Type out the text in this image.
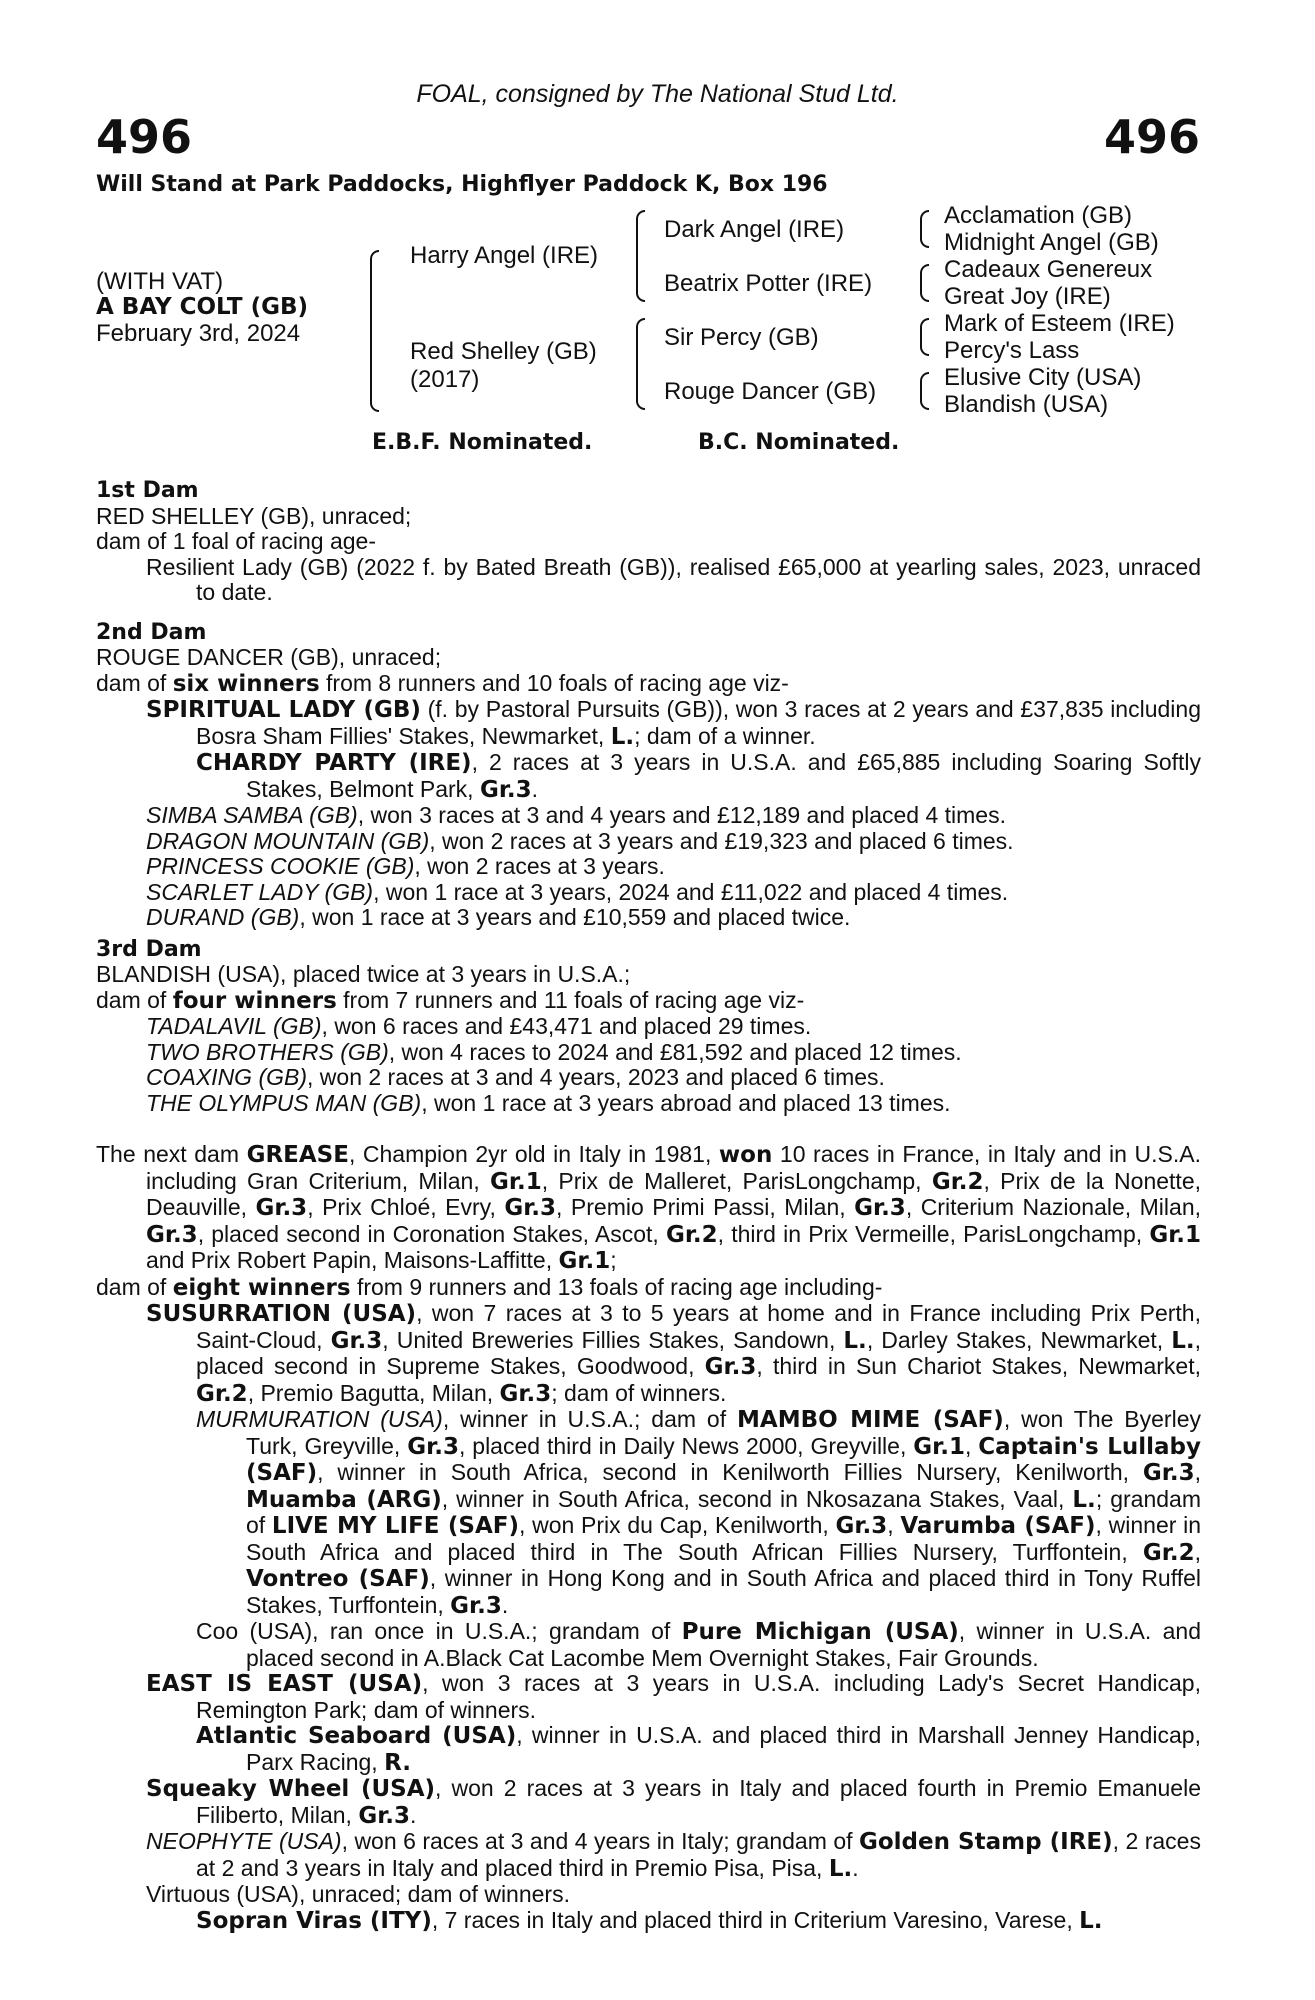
FOAL, consigned by The National Stud Ltd.
496	496
Will Stand at Park Paddocks, Highflyer Paddock K, Box 196
(WITH VAT)
A BAY COLT (GB)
February 3rd, 2024
Harry Angel (IRE)
Red Shelley (GB)
(2017)
Dark Angel (IRE)
Beatrix Potter (IRE)
Sir Percy (GB)
Rouge Dancer (GB)
Acclamation (GB)
Midnight Angel (GB)
Cadeaux Genereux
Great Joy (IRE)
Mark of Esteem (IRE)
Percy's Lass
Elusive City (USA)
Blandish (USA)
E.B.F. Nominated.	B.C. Nominated.

1st Dam

RED SHELLEY (GB), unraced;

dam of 1 foal of racing age-

Resilient Lady (GB) (2022 f. by Bated Breath (GB)), realised £65,000 at yearling sales, 2023, unraced to date.

2nd Dam

ROUGE DANCER (GB), unraced;

dam of six winners from 8 runners and 10 foals of racing age viz-

SPIRITUAL LADY (GB) (f. by Pastoral Pursuits (GB)), won 3 races at 2 years and £37,835 including Bosra Sham Fillies' Stakes, Newmarket, L.; dam of a winner.

CHARDY PARTY (IRE), 2 races at 3 years in U.S.A. and £65,885 including Soaring Softly Stakes, Belmont Park, Gr.3.

SIMBA SAMBA (GB), won 3 races at 3 and 4 years and £12,189 and placed 4 times.

DRAGON MOUNTAIN (GB), won 2 races at 3 years and £19,323 and placed 6 times.

PRINCESS COOKIE (GB), won 2 races at 3 years.

SCARLET LADY (GB), won 1 race at 3 years, 2024 and £11,022 and placed 4 times.

DURAND (GB), won 1 race at 3 years and £10,559 and placed twice.

3rd Dam

BLANDISH (USA), placed twice at 3 years in U.S.A.;

dam of four winners from 7 runners and 11 foals of racing age viz-

TADALAVIL (GB), won 6 races and £43,471 and placed 29 times.

TWO BROTHERS (GB), won 4 races to 2024 and £81,592 and placed 12 times.

COAXING (GB), won 2 races at 3 and 4 years, 2023 and placed 6 times.

THE OLYMPUS MAN (GB), won 1 race at 3 years abroad and placed 13 times.

The next dam GREASE, Champion 2yr old in Italy in 1981, won 10 races in France, in Italy and in U.S.A. including Gran Criterium, Milan, Gr.1, Prix de Malleret, ParisLongchamp, Gr.2, Prix de la Nonette, Deauville, Gr.3, Prix Chloé, Evry, Gr.3, Premio Primi Passi, Milan, Gr.3, Criterium Nazionale, Milan, Gr.3, placed second in Coronation Stakes, Ascot, Gr.2, third in Prix Vermeille, ParisLongchamp, Gr.1 and Prix Robert Papin, Maisons-Laffitte, Gr.1;

dam of eight winners from 9 runners and 13 foals of racing age including-

SUSURRATION (USA), won 7 races at 3 to 5 years at home and in France including Prix Perth, Saint-Cloud, Gr.3, United Breweries Fillies Stakes, Sandown, L., Darley Stakes, Newmarket, L., placed second in Supreme Stakes, Goodwood, Gr.3, third in Sun Chariot Stakes, Newmarket, Gr.2, Premio Bagutta, Milan, Gr.3; dam of winners.

MURMURATION (USA), winner in U.S.A.; dam of MAMBO MIME (SAF), won The Byerley Turk, Greyville, Gr.3, placed third in Daily News 2000, Greyville, Gr.1, Captain's Lullaby (SAF), winner in South Africa, second in Kenilworth Fillies Nursery, Kenilworth, Gr.3, Muamba (ARG), winner in South Africa, second in Nkosazana Stakes, Vaal, L.; grandam of LIVE MY LIFE (SAF), won Prix du Cap, Kenilworth, Gr.3, Varumba (SAF), winner in South Africa and placed third in The South African Fillies Nursery, Turffontein, Gr.2, Vontreo (SAF), winner in Hong Kong and in South Africa and placed third in Tony Ruffel Stakes, Turffontein, Gr.3.

Coo (USA), ran once in U.S.A.; grandam of Pure Michigan (USA), winner in U.S.A. and placed second in A.Black Cat Lacombe Mem Overnight Stakes, Fair Grounds.

EAST IS EAST (USA), won 3 races at 3 years in U.S.A. including Lady's Secret Handicap, Remington Park; dam of winners.

Atlantic Seaboard (USA), winner in U.S.A. and placed third in Marshall Jenney Handicap, Parx Racing, R.

Squeaky Wheel (USA), won 2 races at 3 years in Italy and placed fourth in Premio Emanuele Filiberto, Milan, Gr.3.

NEOPHYTE (USA), won 6 races at 3 and 4 years in Italy; grandam of Golden Stamp (IRE), 2 races at 2 and 3 years in Italy and placed third in Premio Pisa, Pisa, L..

Virtuous (USA), unraced; dam of winners.

Sopran Viras (ITY), 7 races in Italy and placed third in Criterium Varesino, Varese, L.
